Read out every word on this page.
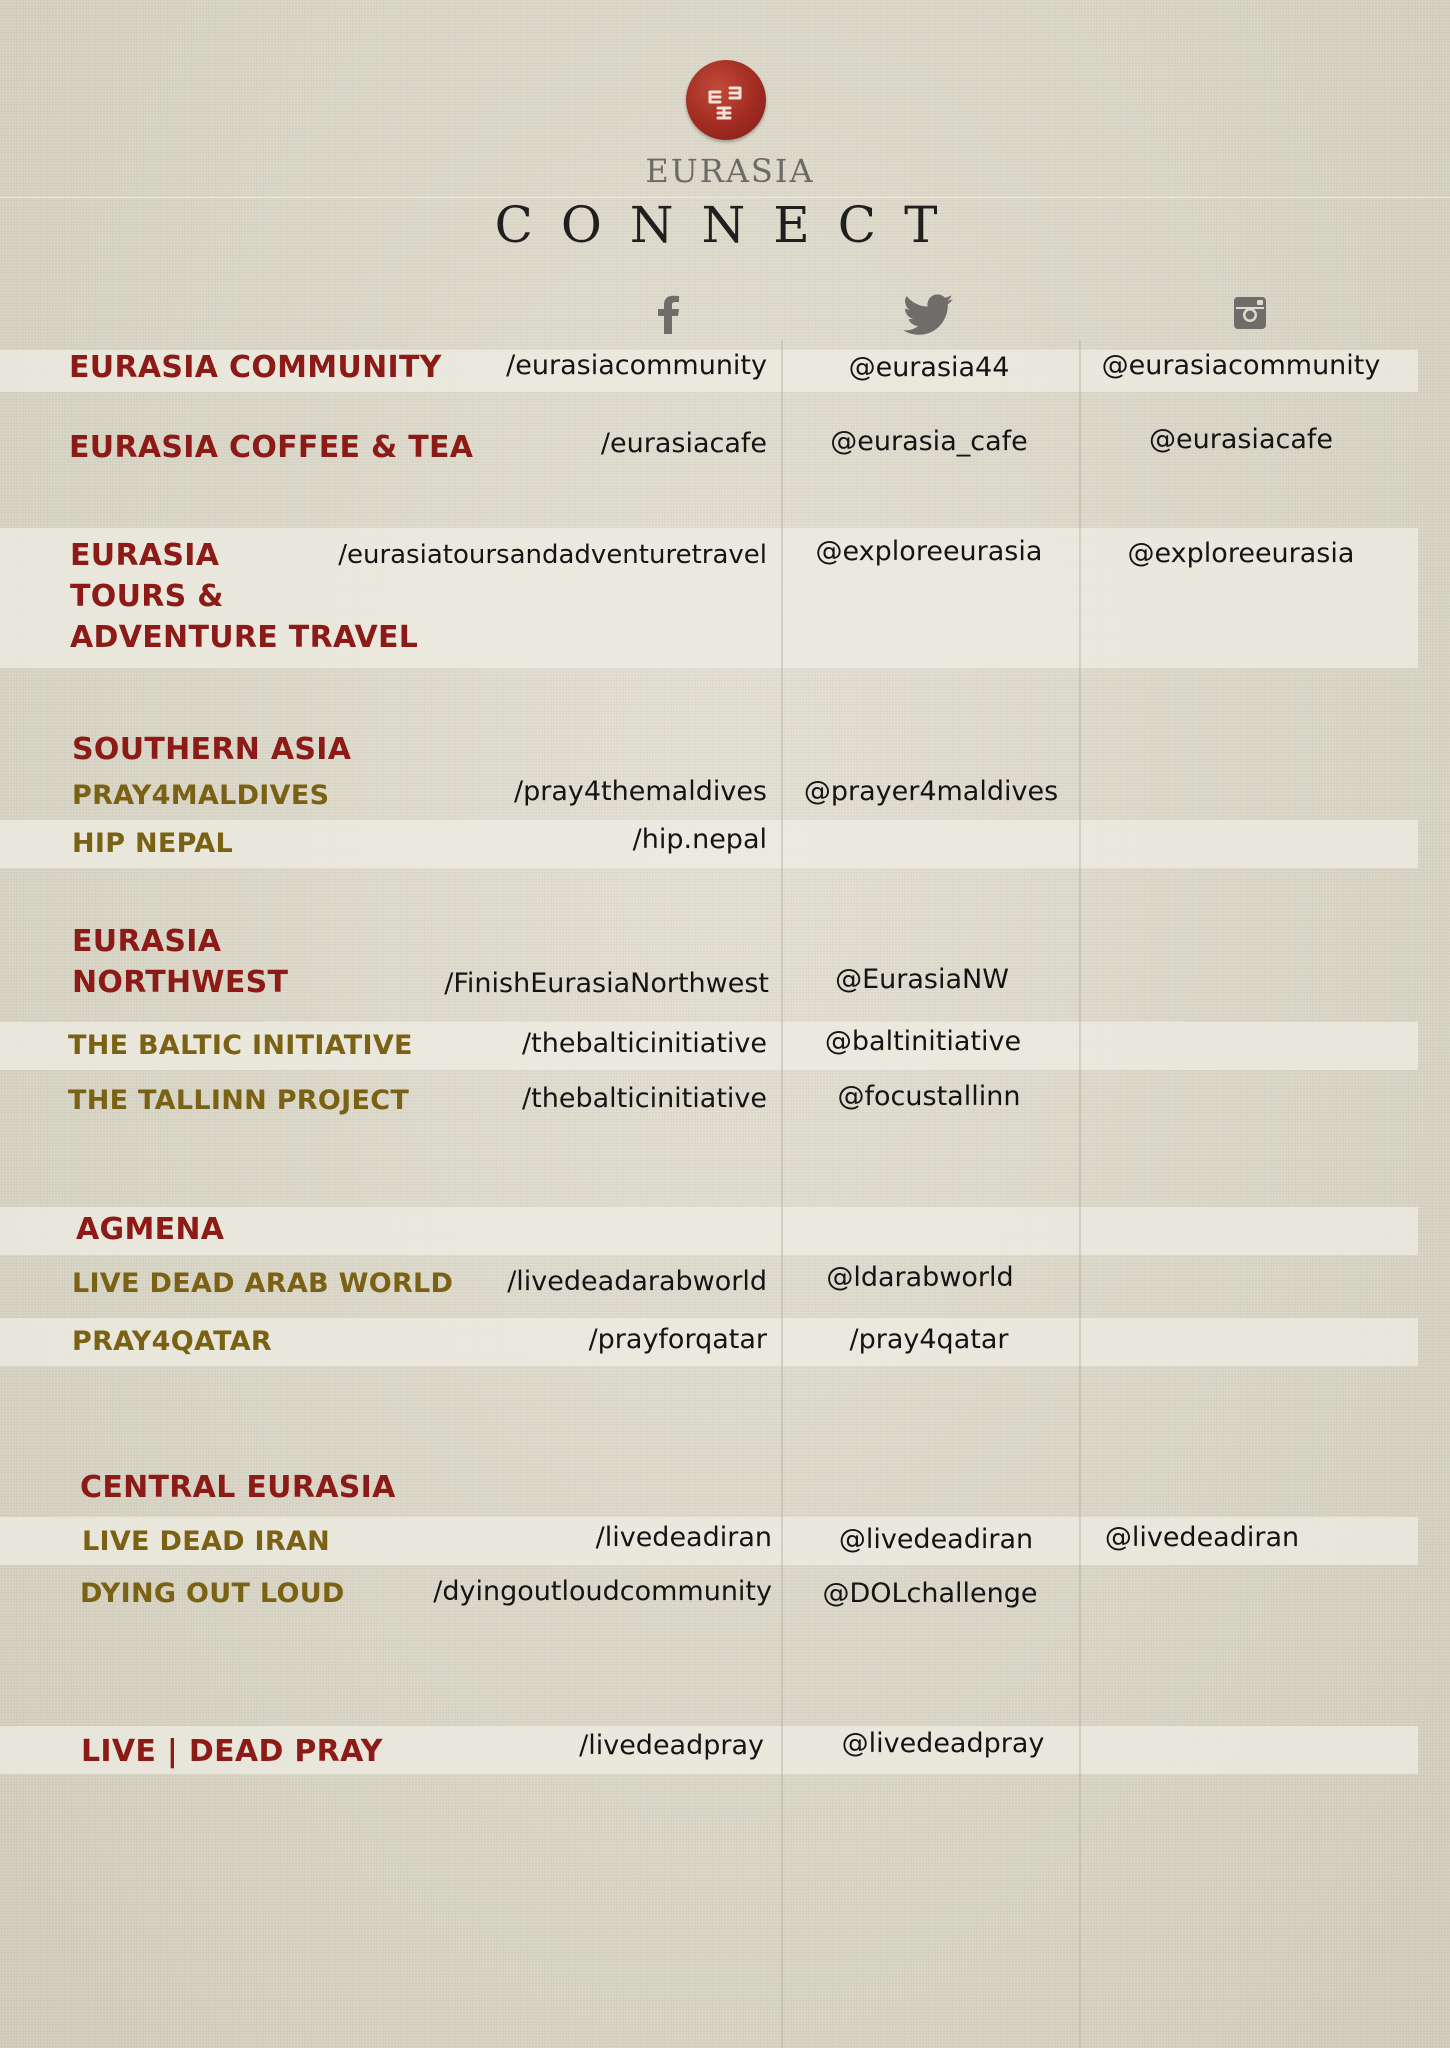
EURASIA
CONNECT
EURASIA COMMUNITY /eurasiacommunity	@eurasia44	@eurasiacommunity
EURASIA COFFEE & TEA	/eurasiacafe	@eurasia_cafe	@eurasiacafe
EURASIA
TOURS &
ADVENTURE TRAVEL
/eurasiatoursandadventuretravel	@exploreeurasia	@exploreeurasia
SOUTHERN ASIA
PRAY4MALDIVES	/pray4themaldives	@prayer4maldives
HIP NEPAL	/hip.nepal
EURASIA
NORTHWEST	/FinishEurasiaNorthwest	@EurasiaNW
THE BALTIC INITIATIVE	/thebalticinitiative	@baltinitiative
THE TALLINN PROJECT	/thebalticinitiative	@focustallinn
AGMENA
LIVE DEAD ARAB WORLD /livedeadarabworld	@ldarabworld
PRAY4QATAR	/prayforqatar	/pray4qatar
CENTRAL EURASIA
LIVE DEAD IRAN	/livedeadiran	@livedeadiran	@livedeadiran
DYING OUT LOUD	/dyingoutloudcommunity	@DOLchallenge
LIVE | DEAD PRAY	/livedeadpray	@livedeadpray
